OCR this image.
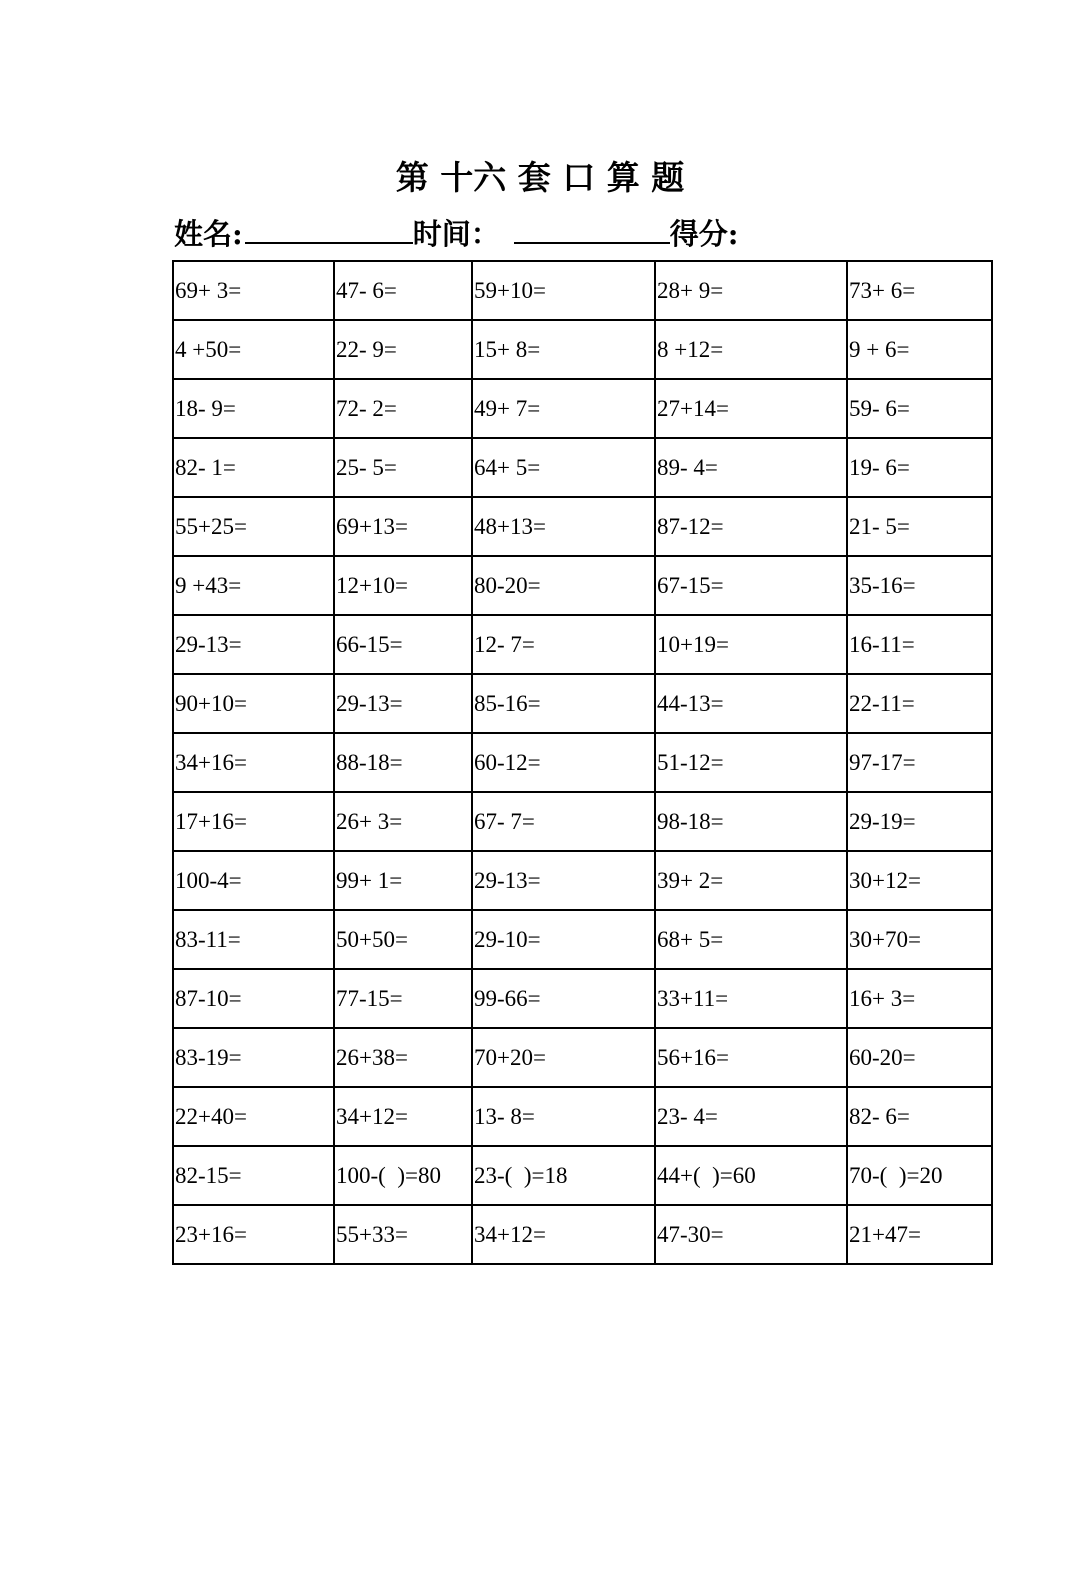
第 十六 套 口 算 题
姓名:	时间：	得分:
69+ 3=	47- 6=	59+10=	28+ 9=	73+ 6=
4 +50=	22- 9=	15+ 8=	8 +12=	9 + 6=
18- 9=	72- 2=	49+ 7=	27+14=	59- 6=
82- 1=	25- 5=	64+ 5=	89- 4=	19- 6=
55+25=	69+13=	48+13=	87-12=	21- 5=
9 +43=	12+10=	80-20=	67-15=	35-16=
29-13=	66-15=	12- 7=	10+19=	16-11=
90+10=	29-13=	85-16=	44-13=	22-11=
34+16=	88-18=	60-12=	51-12=	97-17=
17+16=	26+ 3=	67- 7=	98-18=	29-19=
100-4=	99+ 1=	29-13=	39+ 2=	30+12=
83-11=	50+50=	29-10=	68+ 5=	30+70=
87-10=	77-15=	99-66=	33+11=	16+ 3=
83-19=	26+38=	70+20=	56+16=	60-20=
22+40=	34+12=	13- 8=	23- 4=	82- 6=
82-15=	100-(  )=80	23-(  )=18	44+(  )=60	70-(  )=20
23+16=	55+33=	34+12=	47-30=	21+47=
